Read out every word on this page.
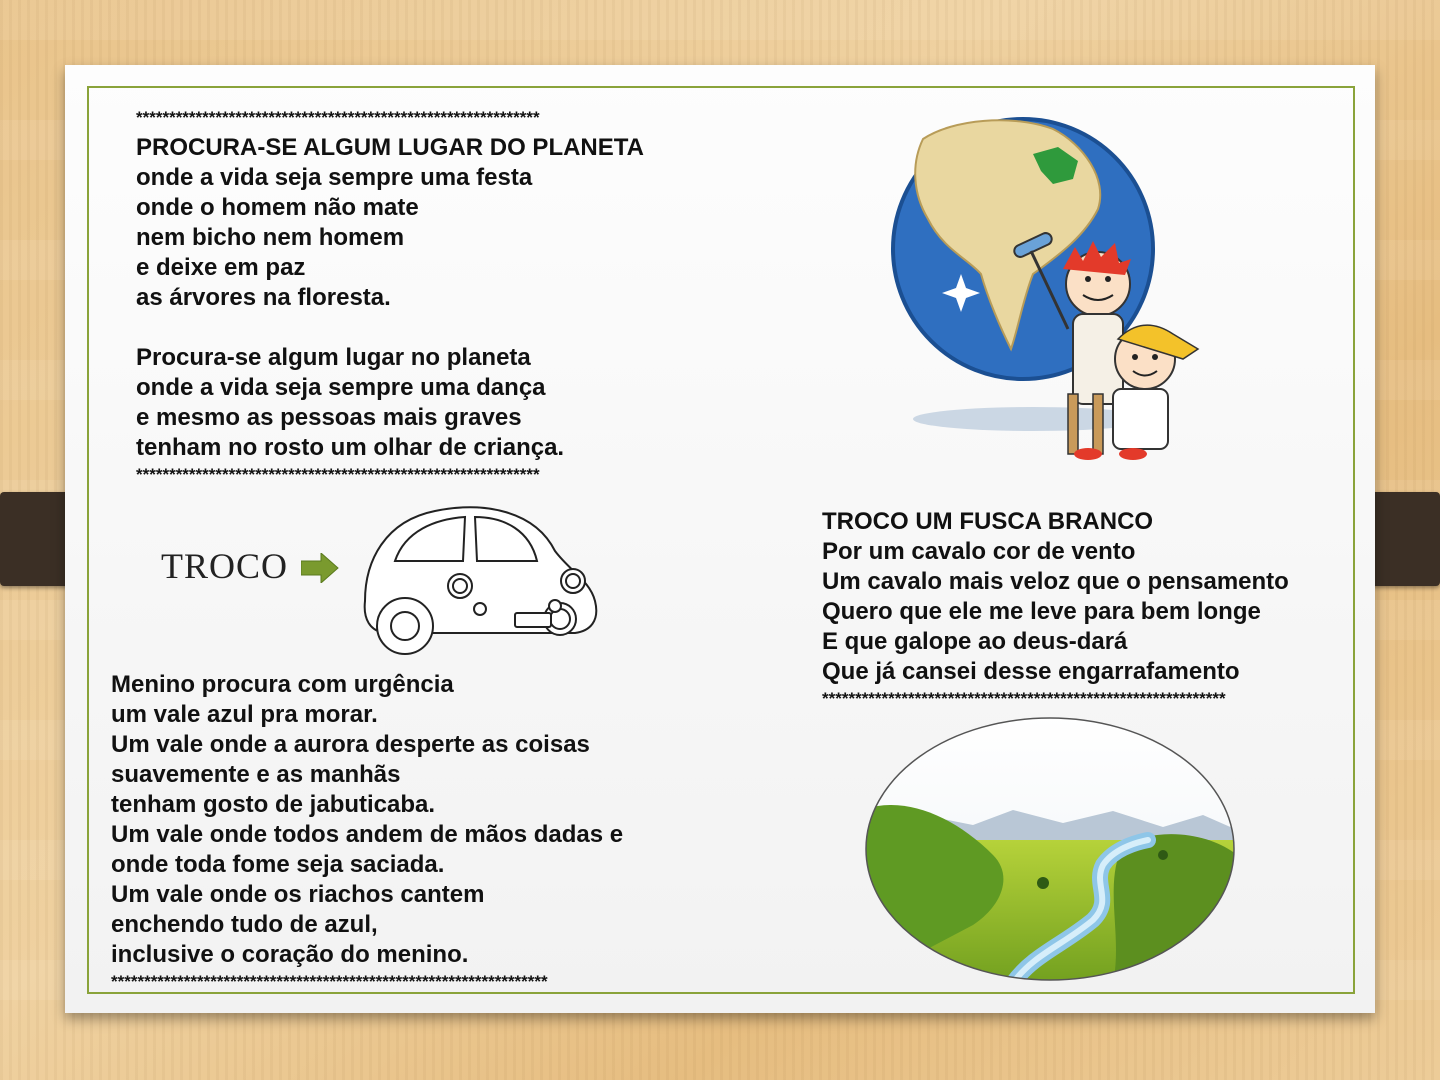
*************************************************************
PROCURA-SE ALGUM LUGAR DO PLANETA
onde a vida seja sempre uma festa
onde o homem não mate
nem bicho nem homem
e deixe em paz
as árvores na floresta.
Procura-se algum lugar no planeta
onde a vida seja sempre uma dança
e mesmo as pessoas mais graves
tenham no rosto um olhar de criança.
*************************************************************
TROCO
TROCO UM FUSCA BRANCO
Por um cavalo cor de vento
Um cavalo mais veloz que o pensamento
Quero que ele me leve para bem longe
E que galope ao deus-dará
Que já cansei desse engarrafamento
*************************************************************
Menino procura com urgência
um vale azul pra morar.
Um vale onde a aurora desperte as coisas
suavemente e as manhãs
tenham gosto de jabuticaba.
Um vale onde todos andem de mãos dadas e
onde toda fome seja saciada.
Um vale onde os riachos cantem
enchendo tudo de azul,
inclusive o coração do menino.
******************************************************************
